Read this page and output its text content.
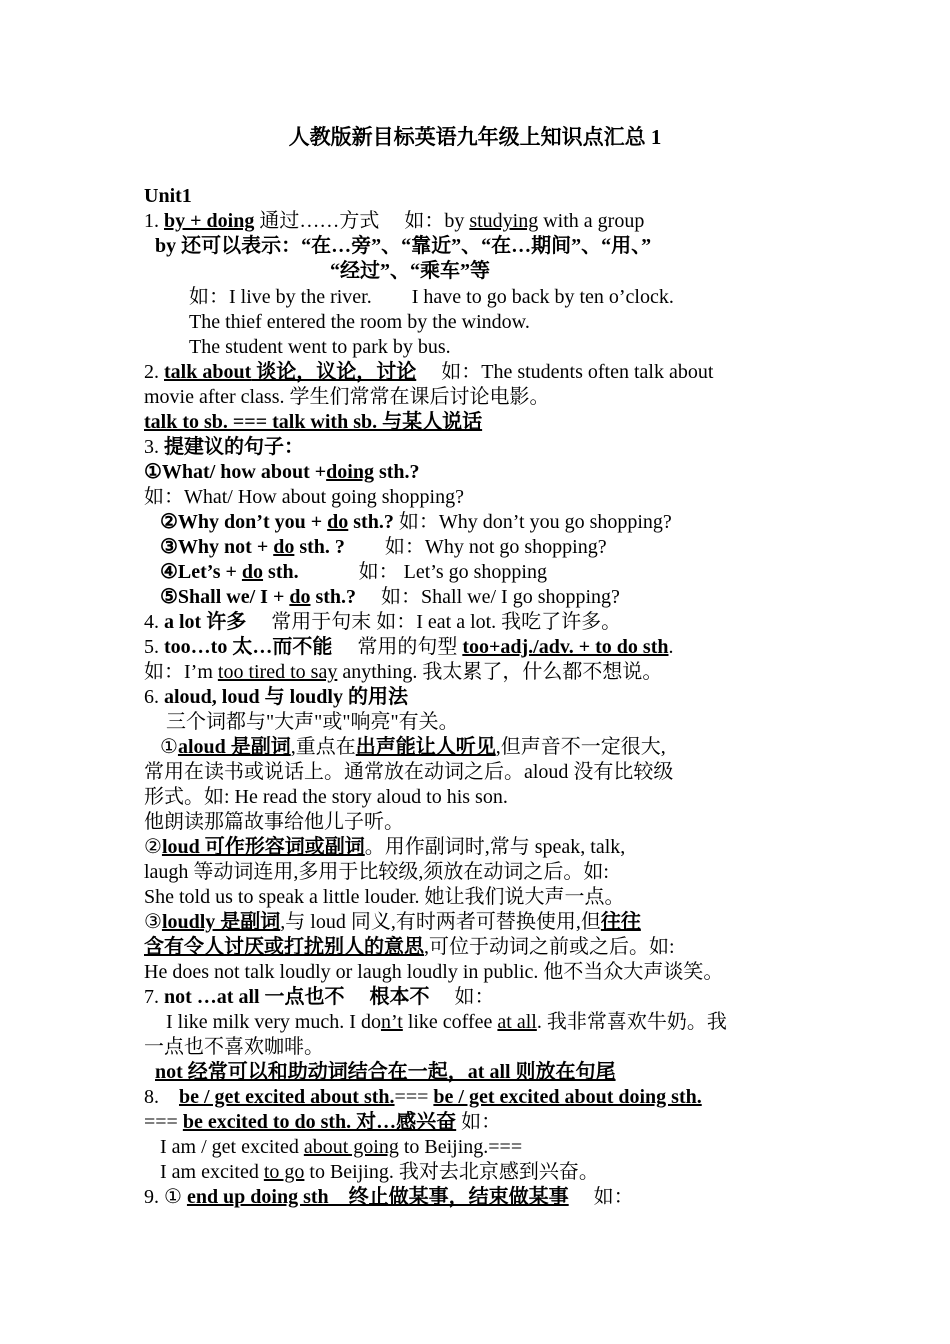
人教版新目标英语九年级上知识点汇总 1
Unit1
1. by + doing 通过……方式　 如：by studying with a group
by 还可以表示：“在…旁”、“靠近”、“在…期间”、“用、”
“经过”、“乘车”等
如：I live by the river.　　I have to go back by ten o’clock.
The thief entered the room by the window.
The student went to park by bus.
2. talk about 谈论，议论，讨论　 如：The students often talk about
movie after class. 学生们常常在课后讨论电影。
talk to sb. === talk with sb. 与某人说话
3. 提建议的句子：
①What/ how about +doing sth.?
如：What/ How about going shopping?
②Why don’t you + do sth.? 如：Why don’t you go shopping?
③Why not + do sth. ?　　如：Why not go shopping?
④Let’s + do sth.　　　如： Let’s go shopping
⑤Shall we/ I + do sth.?　 如：Shall we/ I go shopping?
4. a lot 许多　 常用于句末 如：I eat a lot. 我吃了许多。
5. too…to 太…而不能　 常用的句型 too+adj./adv. + to do sth.
如：I’m too tired to say anything. 我太累了，什么都不想说。
6. aloud, loud 与 loudly 的用法
三个词都与"大声"或"响亮"有关。
①aloud 是副词,重点在出声能让人听见,但声音不一定很大,
常用在读书或说话上。通常放在动词之后。aloud 没有比较级
形式。如: He read the story aloud to his son.
他朗读那篇故事给他儿子听。
②loud 可作形容词或副词。用作副词时,常与 speak, talk,
laugh 等动词连用,多用于比较级,须放在动词之后。如:
She told us to speak a little louder. 她让我们说大声一点。
③loudly 是副词,与 loud 同义,有时两者可替换使用,但往往
含有令人讨厌或打扰别人的意思,可位于动词之前或之后。如:
He does not talk loudly or laugh loudly in public. 他不当众大声谈笑。
7. not …at all 一点也不　 根本不　 如：
I like milk very much. I don’t like coffee at all. 我非常喜欢牛奶。我
一点也不喜欢咖啡。
not 经常可以和助动词结合在一起，at all 则放在句尾
8.　be / get excited about sth.=== be / get excited about doing sth.
=== be excited to do sth. 对…感兴奋 如：
I am / get excited about going to Beijing.===
I am excited to go to Beijing. 我对去北京感到兴奋。
9. ① end up doing sth　终止做某事，结束做某事　 如：
